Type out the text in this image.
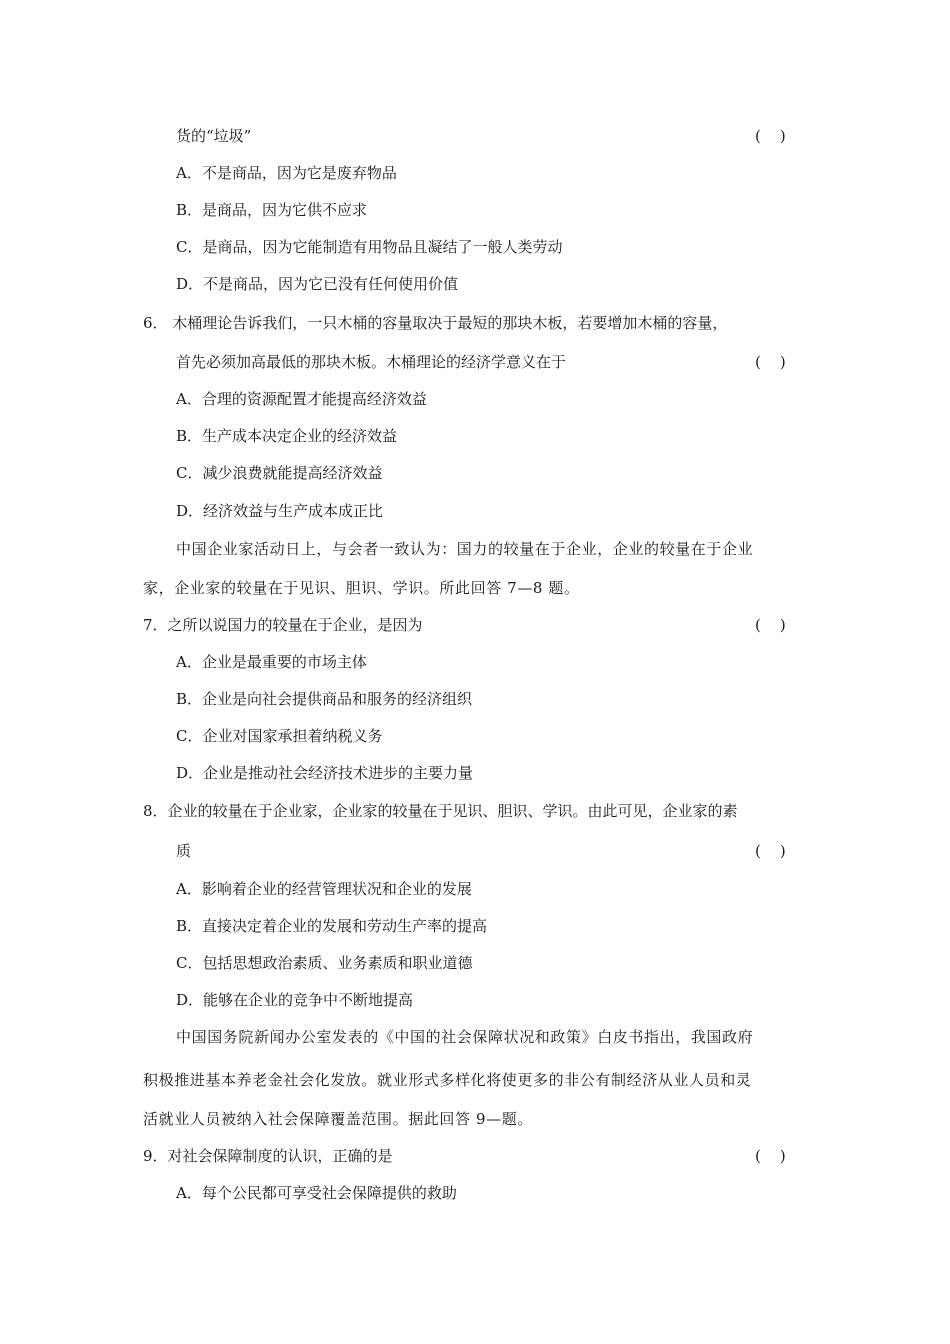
货的“垃圾”	(    )
A．不是商品，因为它是废弃物品
B．是商品，因为它供不应求
C．是商品，因为它能制造有用物品且凝结了一般人类劳动
D．不是商品，因为它已没有任何使用价值
6． 木桶理论告诉我们，一只木桶的容量取决于最短的那块木板，若要增加木桶的容量，
首先必须加高最低的那块木板。木桶理论的经济学意义在于	(    )
A．合理的资源配置才能提高经济效益
B．生产成本决定企业的经济效益
C．减少浪费就能提高经济效益
D．经济效益与生产成本成正比
中国企业家活动日上，与会者一致认为：国力的较量在于企业，企业的较量在于企业
家，企业家的较量在于见识、胆识、学识。所此回答 7—8 题。
7．之所以说国力的较量在于企业，是因为	(    )
A．企业是最重要的市场主体
B．企业是向社会提供商品和服务的经济组织
C．企业对国家承担着纳税义务
D．企业是推动社会经济技术进步的主要力量
8．企业的较量在于企业家，企业家的较量在于见识、胆识、学识。由此可见，企业家的素
质	(    )
A．影响着企业的经营管理状况和企业的发展
B．直接决定着企业的发展和劳动生产率的提高
C．包括思想政治素质、业务素质和职业道德
D．能够在企业的竞争中不断地提高
中国国务院新闻办公室发表的《中国的社会保障状况和政策》白皮书指出，我国政府
积极推进基本养老金社会化发放。就业形式多样化将使更多的非公有制经济从业人员和灵
活就业人员被纳入社会保障覆盖范围。据此回答 9—题。
9．对社会保障制度的认识，正确的是	(    )
A．每个公民都可享受社会保障提供的救助
